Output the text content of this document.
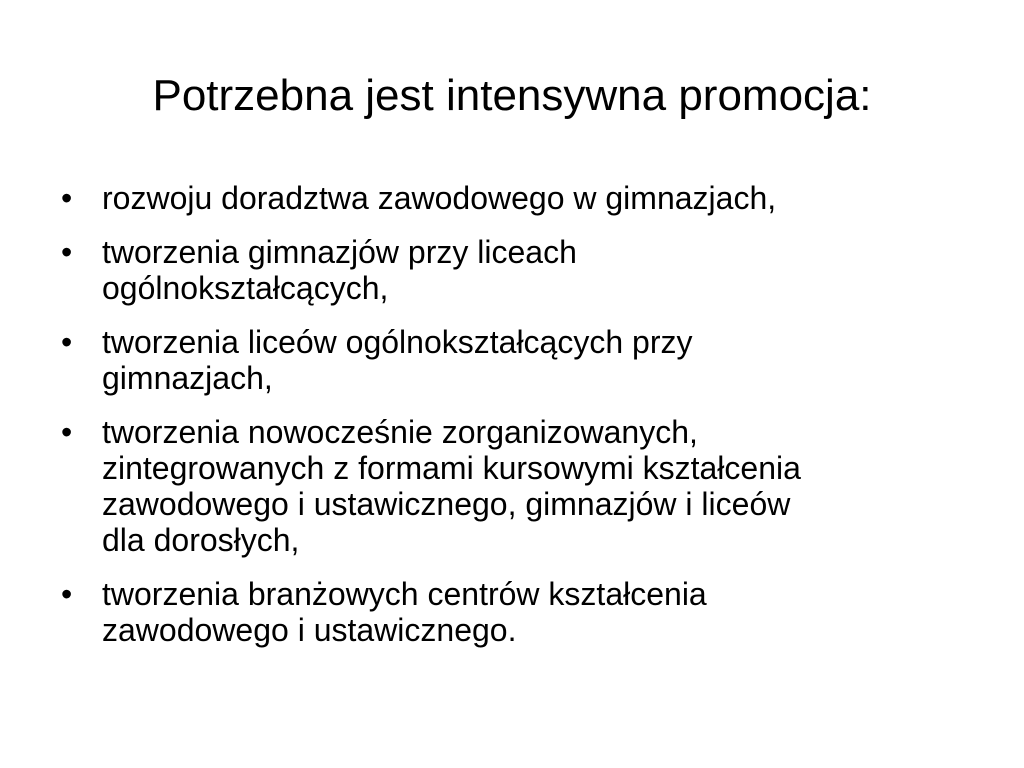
Potrzebna jest intensywna promocja:
• rozwoju doradztwa zawodowego w gimnazjach,
• tworzenia gimnazjów przy liceach
ogólnokształcących,
• tworzenia liceów ogólnokształcących przy
gimnazjach,
• tworzenia nowocześnie zorganizowanych,
zintegrowanych z formami kursowymi kształcenia
zawodowego i ustawicznego, gimnazjów i liceów
dla dorosłych,
• tworzenia branżowych centrów kształcenia
zawodowego i ustawicznego.
